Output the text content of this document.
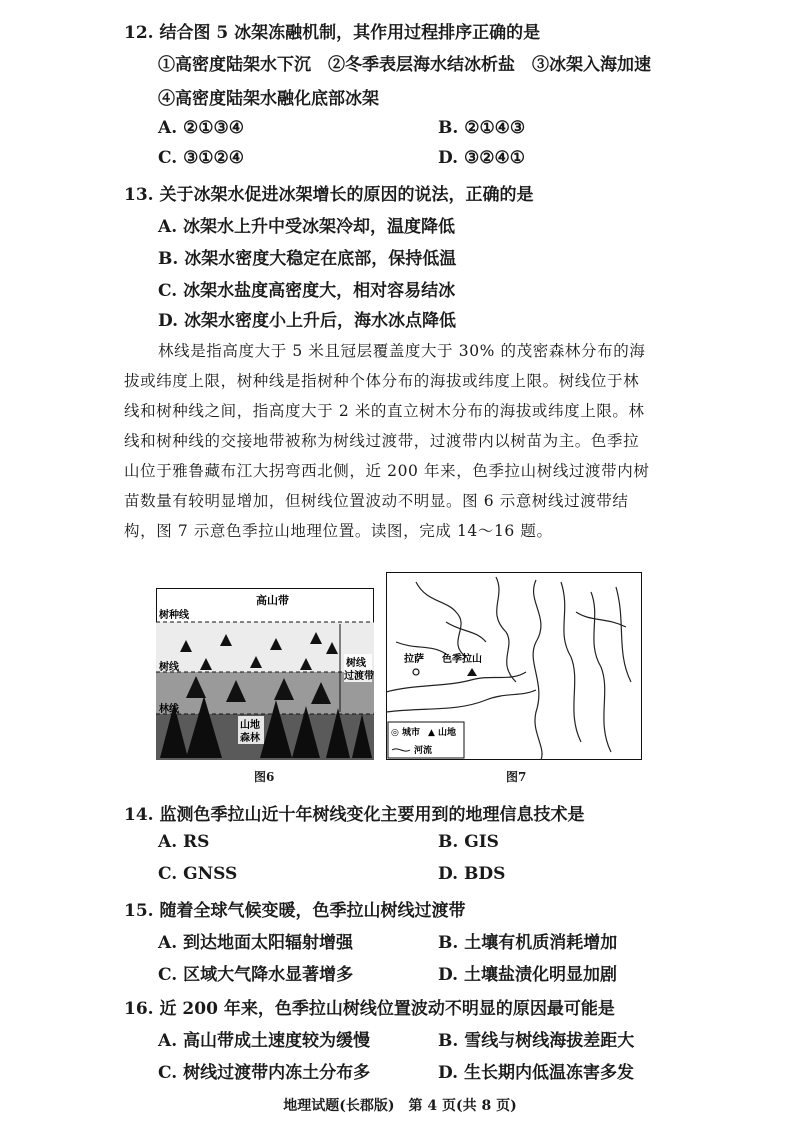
12. 结合图 5 冰架冻融机制，其作用过程排序正确的是
①高密度陆架水下沉　②冬季表层海水结冰析盐　③冰架入海加速
④高密度陆架水融化底部冰架
A. ②①③④	B. ②①④③
C. ③①②④	D. ③②④①
13. 关于冰架水促进冰架增长的原因的说法，正确的是
A. 冰架水上升中受冰架冷却，温度降低
B. 冰架水密度大稳定在底部，保持低温
C. 冰架水盐度高密度大，相对容易结冰
D. 冰架水密度小上升后，海水冰点降低
林线是指高度大于 5 米且冠层覆盖度大于 30% 的茂密森林分布的海
拔或纬度上限，树种线是指树种个体分布的海拔或纬度上限。树线位于林
线和树种线之间，指高度大于 2 米的直立树木分布的海拔或纬度上限。林
线和树种线的交接地带被称为树线过渡带，过渡带内以树苗为主。色季拉
山位于雅鲁藏布江大拐弯西北侧，近 200 年来，色季拉山树线过渡带内树
苗数量有较明显增加，但树线位置波动不明显。图 6 示意树线过渡带结
构，图 7 示意色季拉山地理位置。读图，完成 14～16 题。
高山带
树种线
树线
林线
树线
过渡带
山地
森林
图6
拉萨 色季拉山
◎ 城市 ▲ 山地
河流
图7
14. 监测色季拉山近十年树线变化主要用到的地理信息技术是
A. RS	B. GIS
C. GNSS	D. BDS
15. 随着全球气候变暖，色季拉山树线过渡带
A. 到达地面太阳辐射增强	B. 土壤有机质消耗增加
C. 区域大气降水显著增多	D. 土壤盐渍化明显加剧
16. 近 200 年来，色季拉山树线位置波动不明显的原因最可能是
A. 高山带成土速度较为缓慢	B. 雪线与树线海拔差距大
C. 树线过渡带内冻土分布多	D. 生长期内低温冻害多发
地理试题(长郡版)　第 4 页(共 8 页)
